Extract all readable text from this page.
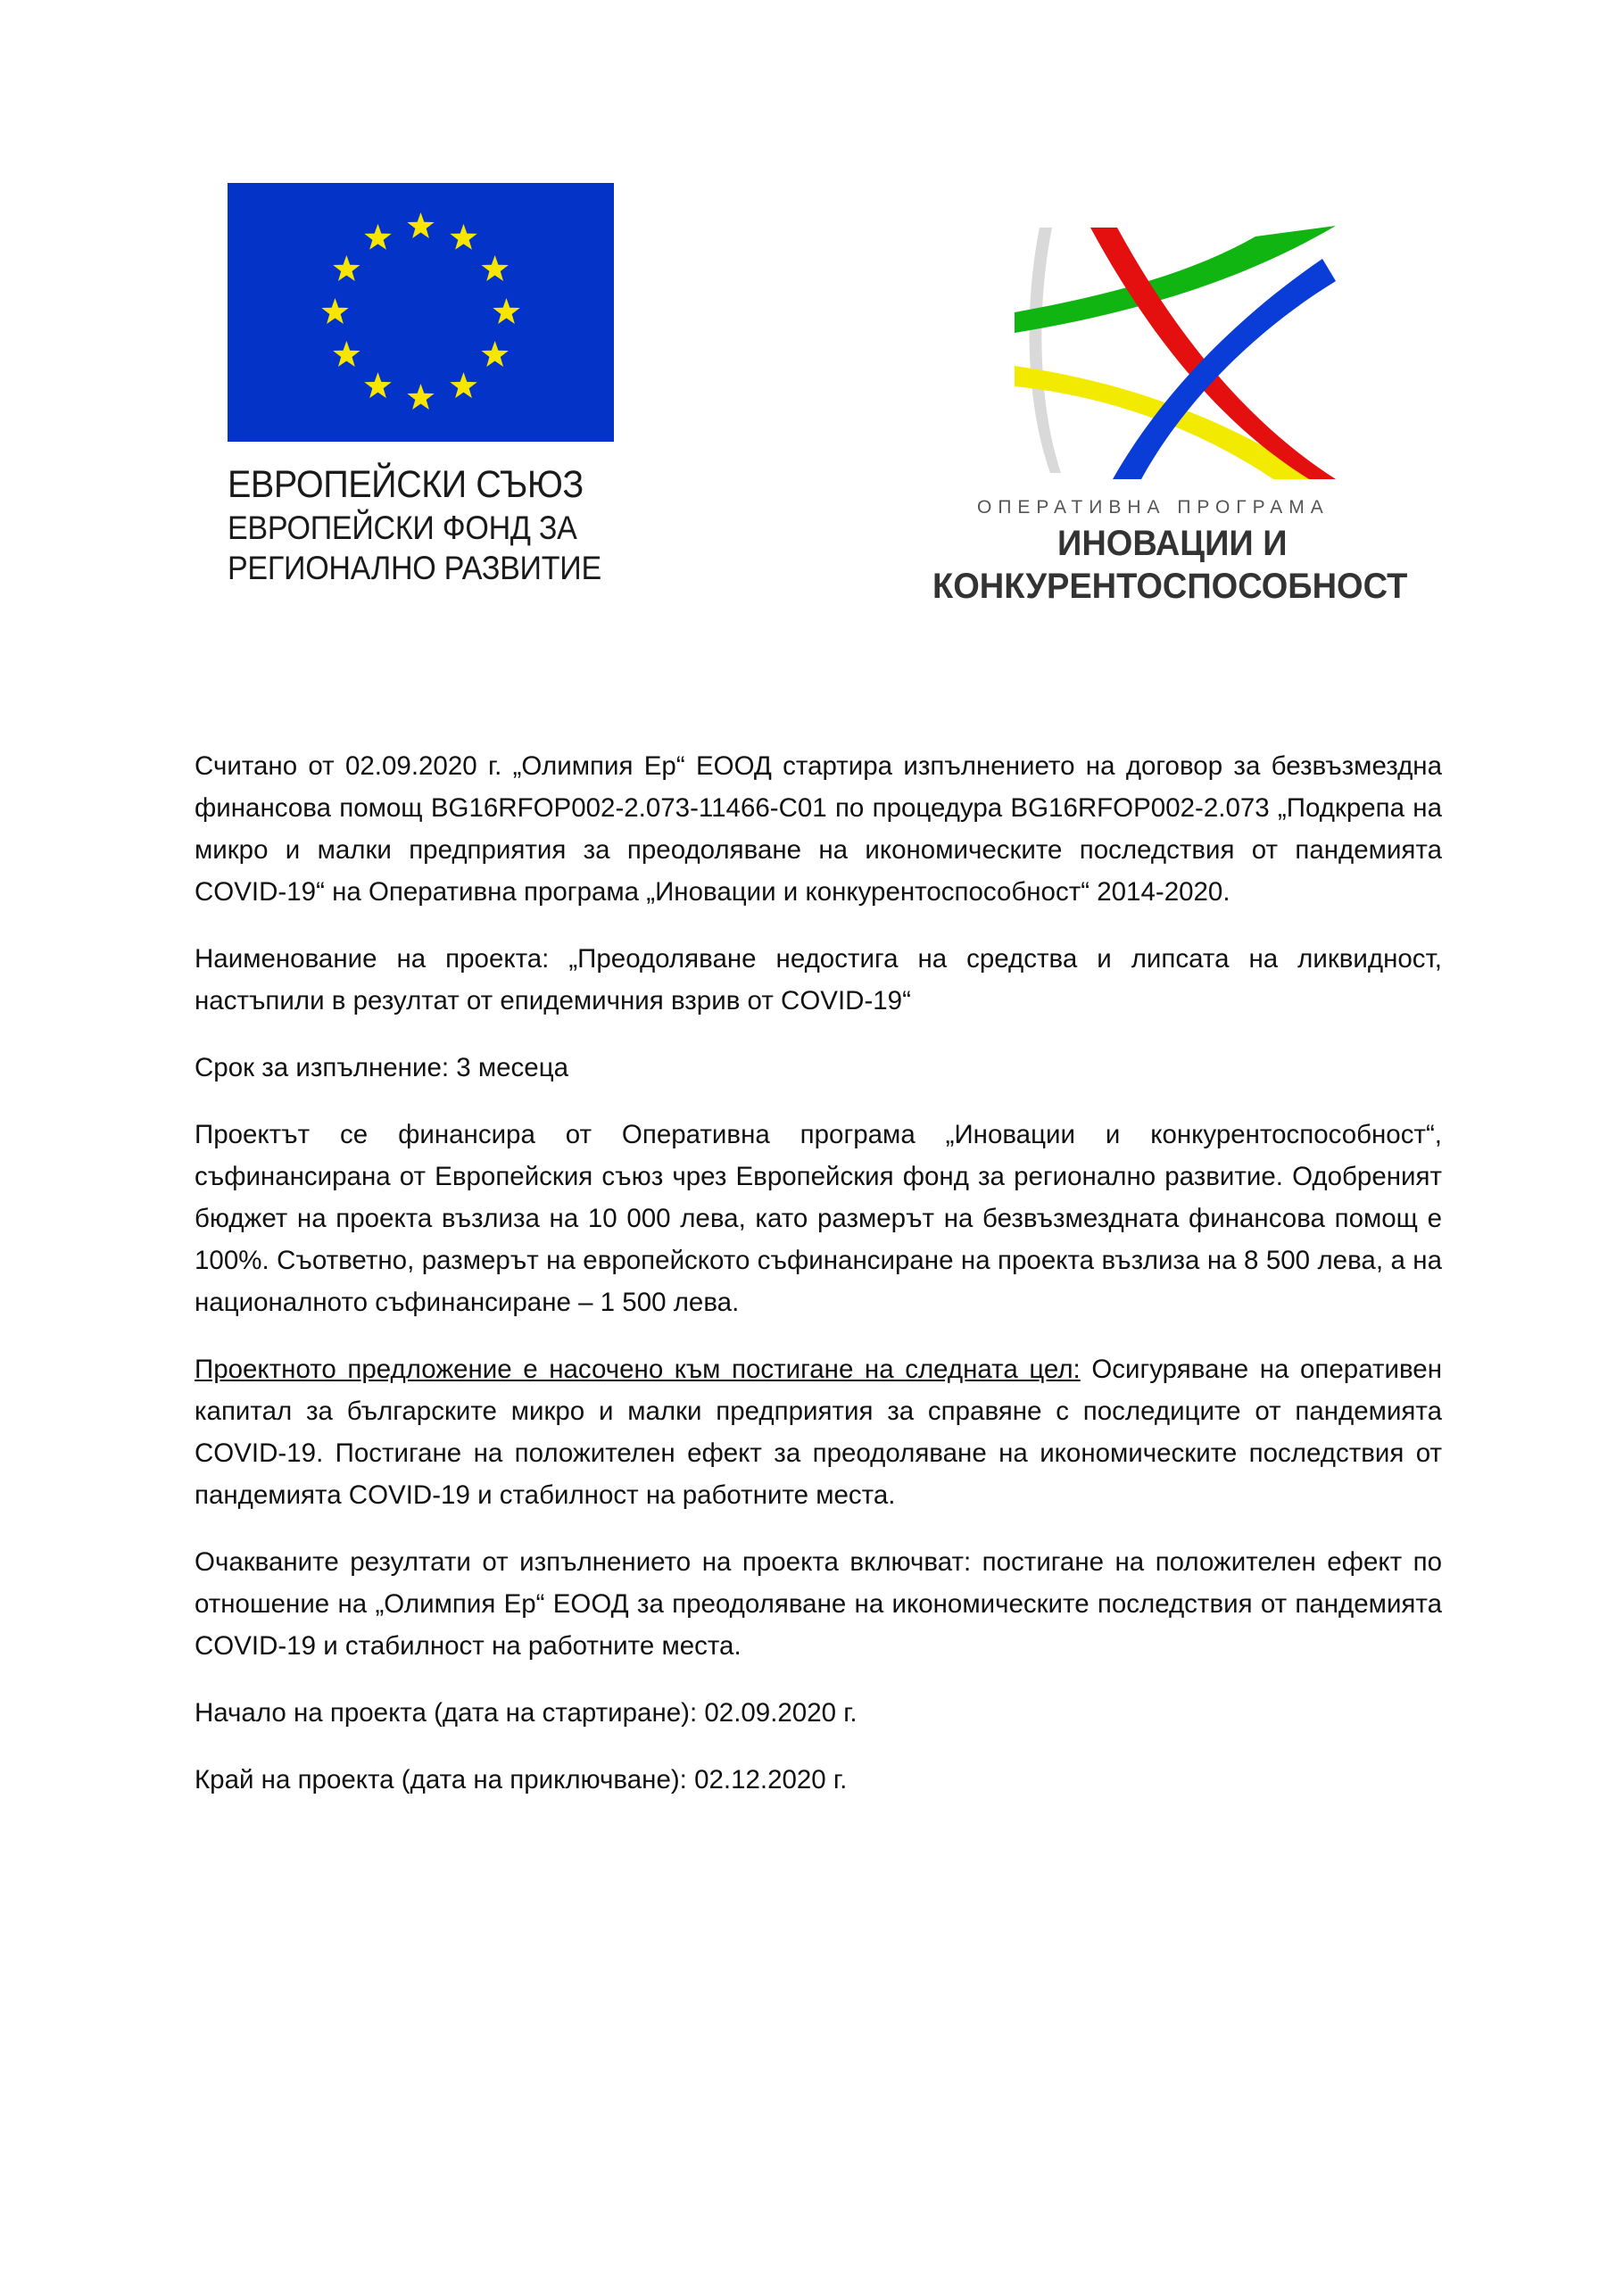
ЕВРОПЕЙСКИ СЪЮЗ
ЕВРОПЕЙСКИ ФОНД ЗА
РЕГИОНАЛНО РАЗВИТИЕ
ОПЕРАТИВНА ПРОГРАМА
ИНОВАЦИИ И
КОНКУРЕНТОСПОСОБНОСТ

Считано от 02.09.2020 г. „Олимпия Ер“ ЕООД стартира изпълнението на договор за безвъзмездна финансова помощ BG16RFOP002-2.073-11466-C01 по процедура BG16RFOP002-2.073 „Подкрепа на микро и малки предприятия за преодоляване на икономическите последствия от пандемията COVID-19“ на Оперативна програма „Иновации и конкурентоспособност“ 2014-2020.

Наименование на проекта: „Преодоляване недостига на средства и липсата на ликвидност, настъпили в резултат от епидемичния взрив от COVID-19“

Срок за изпълнение: 3 месеца

Проектът се финансира от Оперативна програма „Иновации и конкурентоспособност“, съфинансирана от Европейския съюз чрез Европейския фонд за регионално развитие. Одобреният бюджет на проекта възлиза на 10 000 лева, като размерът на безвъзмездната финансова помощ е 100%. Съответно, размерът на европейското съфинансиране на проекта възлиза на 8 500 лева, а на националното съфинансиране – 1 500 лева.

Проектното предложение е насочено към постигане на следната цел: Осигуряване на оперативен капитал за българските микро и малки предприятия за справяне с последиците от пандемията COVID-19. Постигане на положителен ефект за преодоляване на икономическите последствия от пандемията COVID-19 и стабилност на работните места.

Очакваните резултати от изпълнението на проекта включват: постигане на положителен ефект по отношение на „Олимпия Ер“ ЕООД за преодоляване на икономическите последствия от пандемията COVID-19 и стабилност на работните места.

Начало на проекта (дата на стартиране): 02.09.2020 г.

Край на проекта (дата на приключване): 02.12.2020 г.
